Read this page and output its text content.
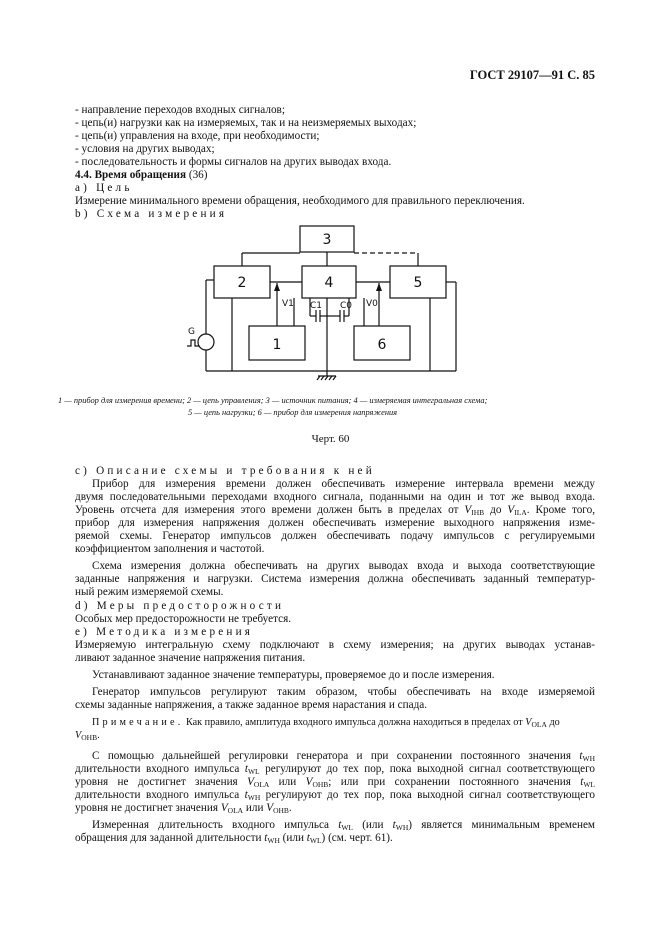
ГОСТ 29107—91 С. 85
- направление переходов входных сигналов;
- цепь(и) нагрузки как на измеряемых, так и на неизмеряемых выходах;
- цепь(и) управления на входе, при необходимости;
- условия на других выводах;
- последовательность и формы сигналов на других выводах входа.
4.4. Время обращения (36)
а) Цель
Измерение минимального времени обращения, необходимого для правильного переключения.
b) Схема измерения
3
2	4	5
1	6
G
V1	V0
C1 C0
1 — прибор для измерения времени; 2 — цепь управления; 3 — источник питания; 4 — измеряемая интегральная схема;
5 — цепь нагрузки; 6 — прибор для измерения напряжения
Черт. 60
с) Описание схемы и требования к ней
Прибор для измерения времени должен обеспечивать измерение интервала времени между
двумя последовательными переходами входного сигнала, поданными на один и тот же вывод входа.
Уровень отсчета для измерения этого времени должен быть в пределах от $V_{IHB}$ до $V_{ILA}$. Кроме того,
прибор для измерения напряжения должен обеспечивать измерение выходного напряжения изме-
ряемой схемы. Генератор импульсов должен обеспечивать подачу импульсов с регулируемыми
коэффициентом заполнения и частотой.
Схема измерения должна обеспечивать на других выводах входа и выхода соответствующие
заданные напряжения и нагрузки. Система измерения должна обеспечивать заданный температур-
ный режим измеряемой схемы.
d) Меры предосторожности
Особых мер предосторожности не требуется.
е) Методика измерения
Измеряемую интегральную схему подключают в схему измерения; на других выводах устанав-
ливают заданное значение напряжения питания.
Устанавливают заданное значение температуры, проверяемое до и после измерения.
Генератор импульсов регулируют таким образом, чтобы обеспечивать на входе измеряемой
схемы заданные напряжения, а также заданное время нарастания и спада.
Примечание. Как правило, амплитуда входного импульса должна находиться в пределах от $V_{OLA}$ до
$V_{OHB}$.
С помощью дальнейшей регулировки генератора и при сохранении постоянного значения $t_{WH}$
длительности входного импульса $t_{WL}$ регулируют до тех пор, пока выходной сигнал соответствующего
уровня не достигнет значения $V_{OLA}$ или $V_{OHB}$; или при сохранении постоянного значения $t_{WL}$
длительности входного импульса $t_{WH}$ регулируют до тех пор, пока выходной сигнал соответствующего
уровня не достигнет значения $V_{OLA}$ или $V_{OHB}$.
Измеренная длительность входного импульса $t_{WL}$ (или $t_{WH}$) является минимальным временем
обращения для заданной длительности $t_{WH}$ (или $t_{WL}$) (см. черт. 61).
